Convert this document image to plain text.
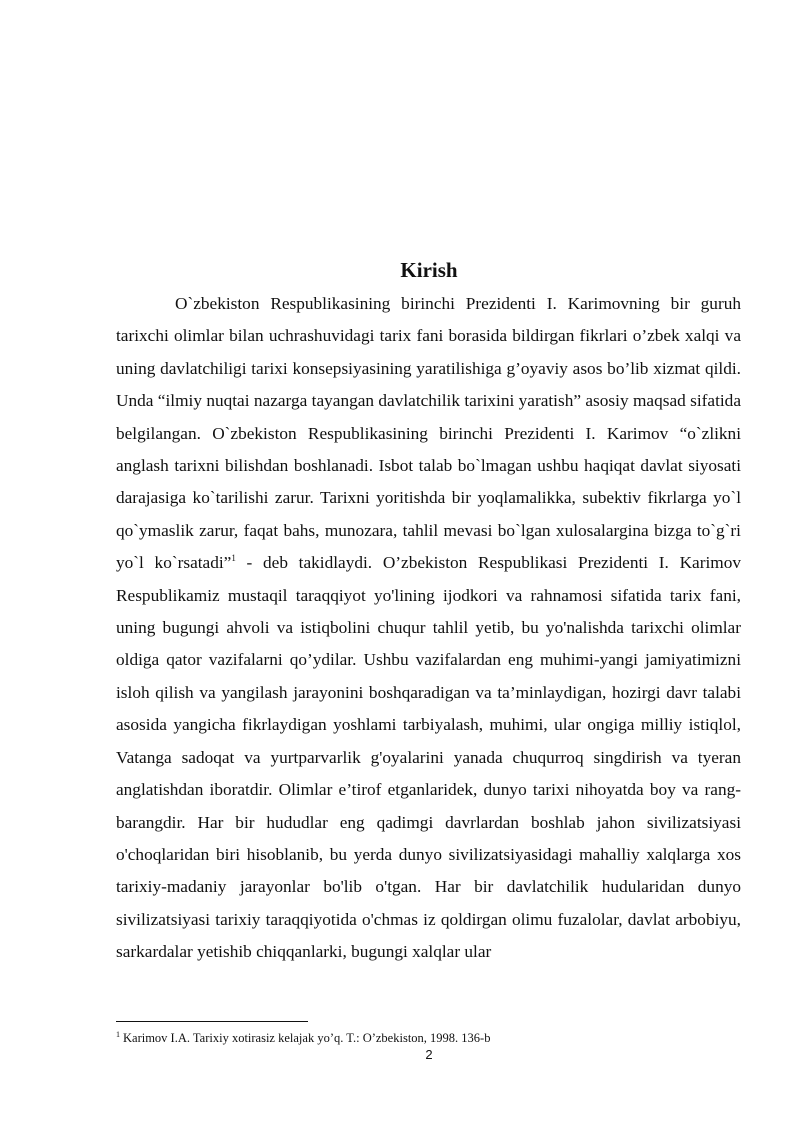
Kirish

O`zbekiston Respublikasining birinchi Prezidenti I. Karimovning bir guruh tarixchi olimlar bilan uchrashuvidagi tarix fani borasida bildirgan fikrlari o’zbek xalqi va uning davlatchiligi tarixi konsepsiyasining yaratilishiga g’oyaviy asos bo’lib xizmat qildi. Unda “ilmiy nuqtai nazarga tayangan davlatchilik tarixini yaratish” asosiy maqsad sifatida belgilangan. O`zbekiston Respublikasining birinchi Prezidenti I. Karimov “o`zlikni anglash tarixni bilishdan boshlanadi. Isbot talab bo`lmagan ushbu haqiqat davlat siyosati darajasiga ko`tarilishi zarur. Tarixni yoritishda bir yoqlamalikka, subektiv fikrlarga yo`l qo`ymaslik zarur, faqat bahs, munozara, tahlil mevasi bo`lgan xulosalargina bizga to`g`ri yo`l ko`rsatadi”$^1$ - deb takidlaydi. O’zbekiston Respublikasi Prezidenti I. Karimov Respublikamiz mustaqil taraqqiyot yo'lining ijodkori va rahnamosi sifatida tarix fani, uning bugungi ahvoli va istiqbolini chuqur tahlil yetib, bu yo'nalishda tarixchi olimlar oldiga qator vazifalarni qo’ydilar. Ushbu vazifalardan eng muhimi-yangi jamiyatimizni isloh qilish va yangilash jarayonini boshqaradigan va ta’minlaydigan, hozirgi davr talabi asosida yangicha fikrlaydigan yoshlami tarbiyalash, muhimi, ular ongiga milliy istiqlol, Vatanga sadoqat va yurtparvarlik g'oyalarini yanada chuqurroq singdirish va tyeran anglatishdan iboratdir. Olimlar e’tirof etganlaridek, dunyo tarixi nihoyatda boy va rang-barangdir. Har bir hududlar eng qadimgi davrlardan boshlab jahon sivilizatsiyasi o'choqlaridan biri hisoblanib, bu yerda dunyo sivilizatsiyasidagi mahalliy xalqlarga xos tarixiy-madaniy jarayonlar bo'lib o'tgan. Har bir davlatchilik hudularidan dunyo sivilizatsiyasi tarixiy taraqqiyotida o'chmas iz qoldirgan olimu fuzalolar, davlat arbobiyu, sarkardalar yetishib chiqqanlarki, bugungi xalqlar ular

$^1$ Karimov I.A. Tarixiy xotirasiz kelajak yo’q. T.: O’zbekiston, 1998. 136-b

2
